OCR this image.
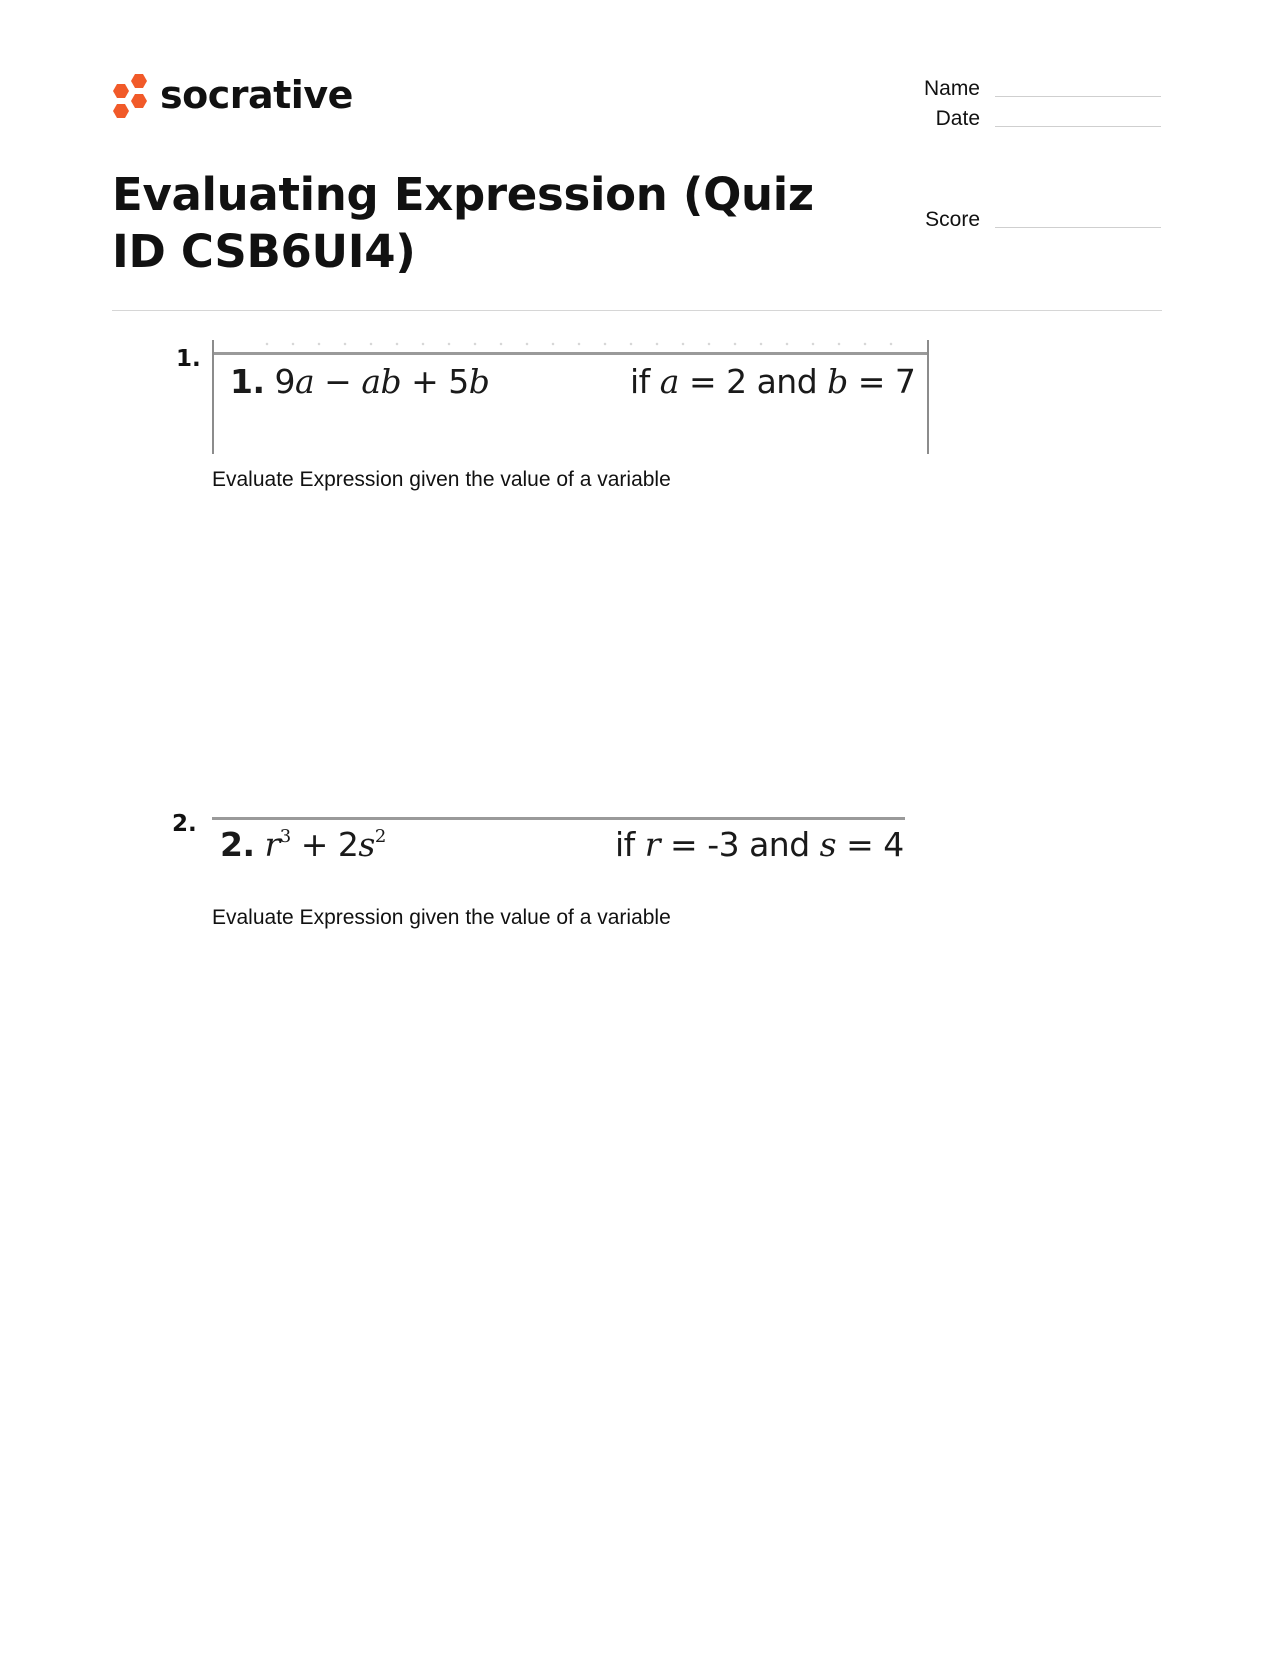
socrative
Evaluating Expression (Quiz ID CSB6UI4)
Name
Date
Score
1.
1. 9a − ab + 5b	if a = 2 and b = 7
Evaluate Expression given the value of a variable
2.
2. $r^3 + 2s^2$	if r = -3 and s = 4
Evaluate Expression given the value of a variable
